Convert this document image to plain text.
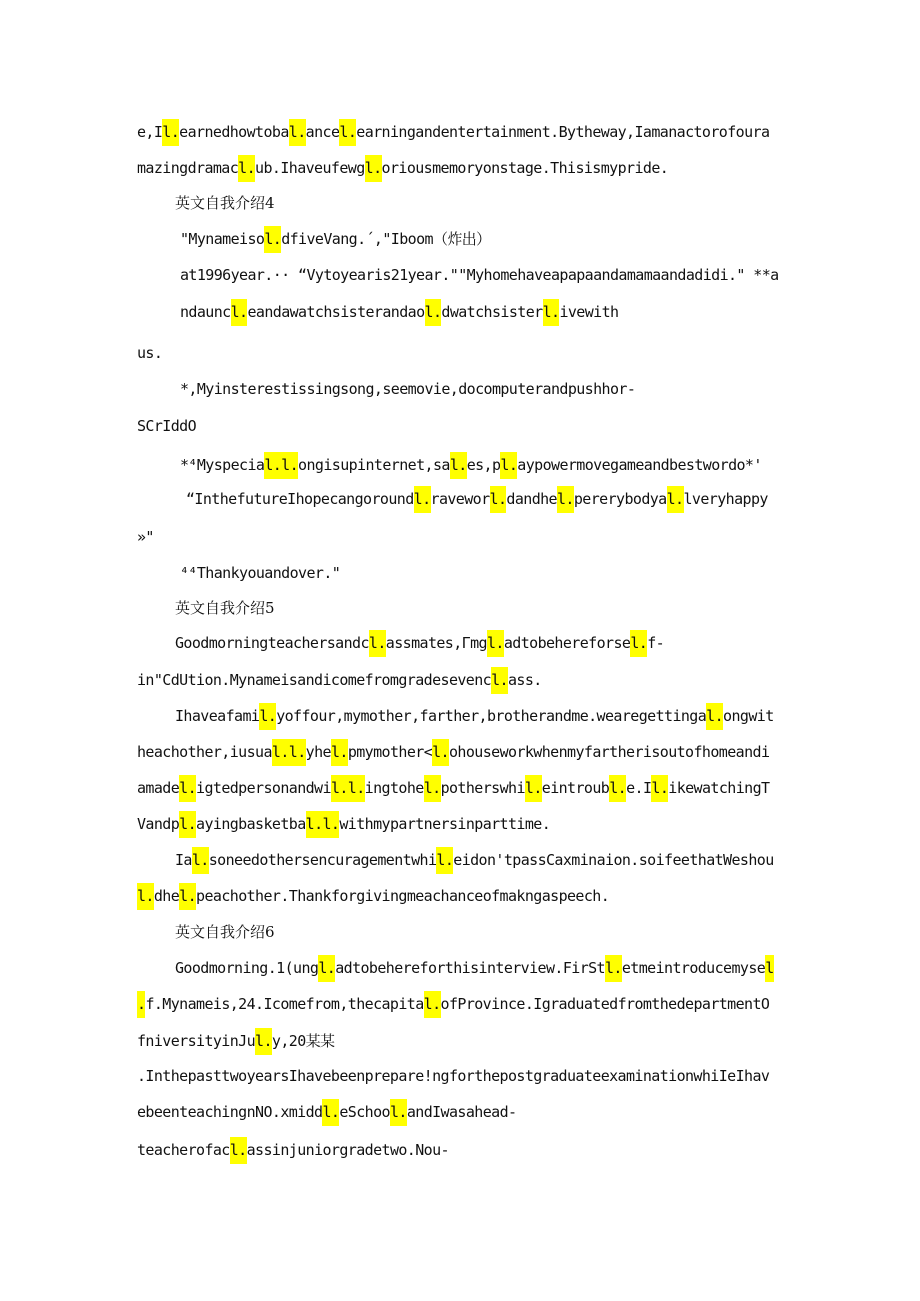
e,Il.earnedhowtobal.ancel.earningandentertainment.Bytheway,Iamanactorofoura
mazingdramacl.ub.Ihaveufewgl.oriousmemoryonstage.Thisismypride.
英文自我介绍4
"Mynameisol.dfiveVang.´,"Iboom（炸出）
at1996year.·· “Vytoyearis21year.""Myhomehaveapapaandamamaandadidi." **a
ndauncl.eandawatchsisterandaol.dwatchsisterl.ivewith
us.
*,Myinsterestissingsong,seemovie,docomputerandpushhor-
SCrIddO
*⁴Myspecial.l.ongisupinternet,sal.es,pl.aypowermovegameandbestwordo*'
“InthefutureIhopecangoroundl.raveworl.dandhel.pererybodyal.lveryhappy
»"
⁴⁴Thankyouandover."
英文自我介绍5
Goodmorningteachersandcl.assmates,Γmgl.adtobehereforsel.f-
in"CdUtion.Mynameisandicomefromgradesevencl.ass.
Ihaveafamil.yoffour,mymother,farther,brotherandme.wearegettingal.ongwit
heachother,iusual.l.yhel.pmymother<l.ohouseworkwhenmyfartherisoutofhomeandi
amadel.igtedpersonandwil.l.ingtohel.potherswhil.eintroubl.e.Il.ikewatchingT
Vandpl.ayingbasketbal.l.withmypartnersinparttime.
Ial.soneedothersencuragementwhil.eidon'tpassCaxminaion.soifeethatWeshou
l.dhel.peachother.Thankforgivingmeachanceofmakngaspeech.
英文自我介绍6
Goodmorning.1(ungl.adtobehereforthisinterview.FirStl.etmeintroducemysel
.f.Mynameis,24.Icomefrom,thecapital.ofProvince.IgraduatedfromthedepartmentO
fniversityinJul.y,20某某
.InthepasttwoyearsIhavebeenprepare!ngforthepostgraduateexaminationwhiIeIhav
ebeenteachingnNO.xmiddl.eSchool.andIwasahead-
teacherofacl.assinjuniorgradetwo.Nou-
